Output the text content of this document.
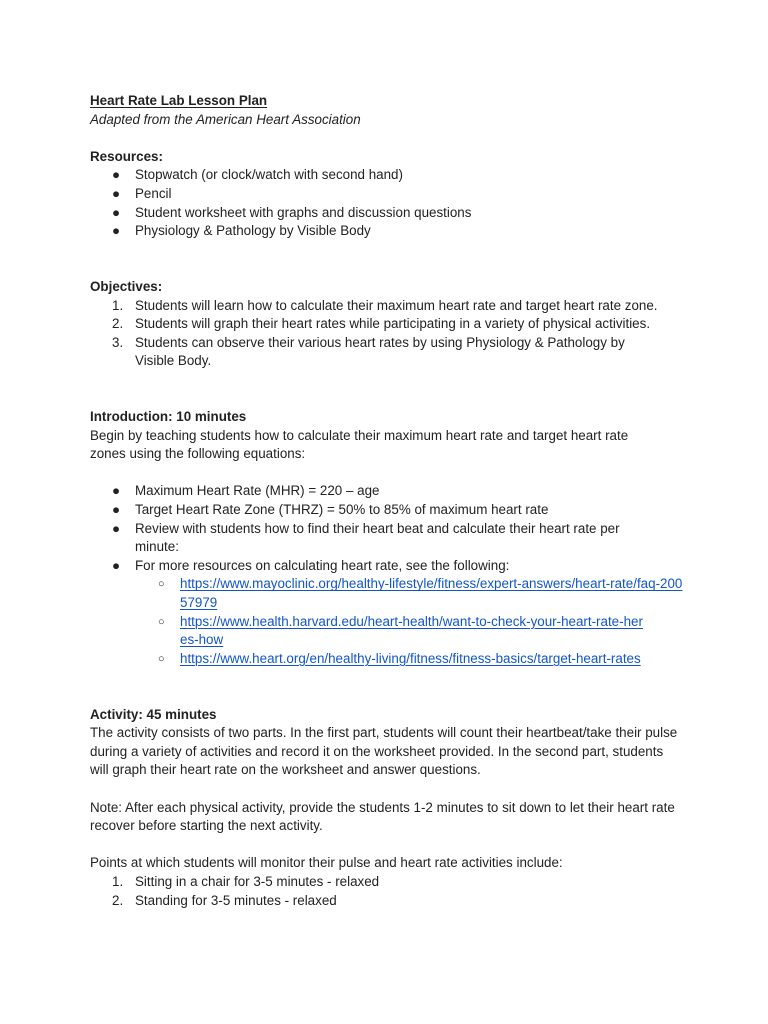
Heart Rate Lab Lesson Plan

Adapted from the American Heart Association

Resources:

● Stopwatch (or clock/watch with second hand)
● Pencil
● Student worksheet with graphs and discussion questions
● Physiology & Pathology by Visible Body

Objectives:

1. Students will learn how to calculate their maximum heart rate and target heart rate zone.
2. Students will graph their heart rates while participating in a variety of physical activities.
3. Students can observe their various heart rates by using Physiology & Pathology by Visible Body.

Introduction: 10 minutes

Begin by teaching students how to calculate their maximum heart rate and target heart rate zones using the following equations:

● Maximum Heart Rate (MHR) = 220 – age
● Target Heart Rate Zone (THRZ) = 50% to 85% of maximum heart rate
● Review with students how to find their heart beat and calculate their heart rate per minute:
● For more resources on calculating heart rate, see the following:
○ https://www.mayoclinic.org/healthy-lifestyle/fitness/expert-answers/heart-rate/faq-20057979
○ https://www.health.harvard.edu/heart-health/want-to-check-your-heart-rate-heres-how
○ https://www.heart.org/en/healthy-living/fitness/fitness-basics/target-heart-rates

Activity: 45 minutes

The activity consists of two parts. In the first part, students will count their heartbeat/take their pulse during a variety of activities and record it on the worksheet provided. In the second part, students will graph their heart rate on the worksheet and answer questions.

Note: After each physical activity, provide the students 1-2 minutes to sit down to let their heart rate recover before starting the next activity.

Points at which students will monitor their pulse and heart rate activities include:

1. Sitting in a chair for 3-5 minutes - relaxed
2. Standing for 3-5 minutes - relaxed
